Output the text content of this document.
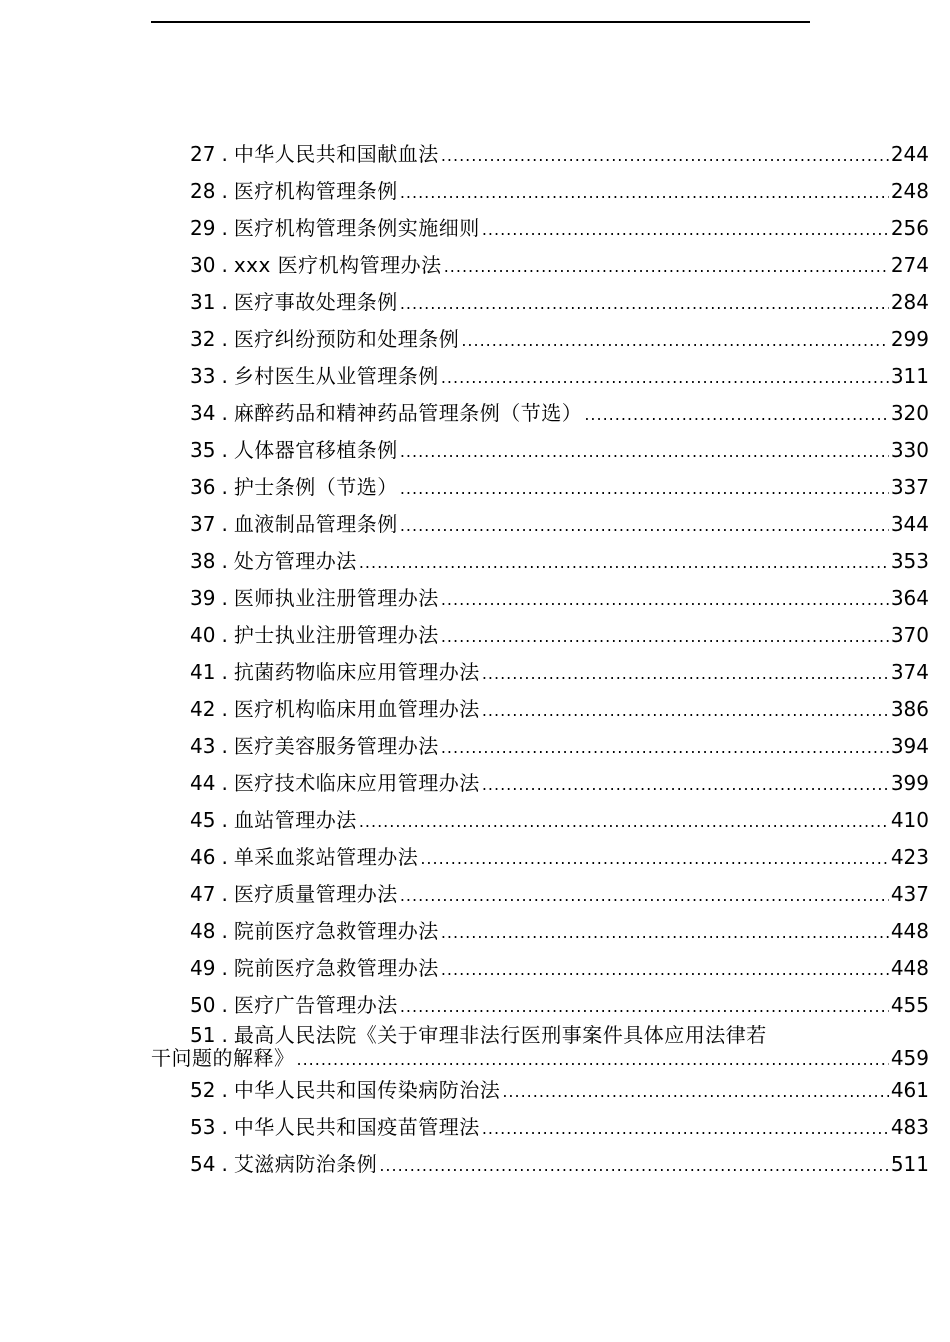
27 . 中华人民共和国献血法 .....	244
28 . 医疗机构管理条例 .....	248
29 . 医疗机构管理条例实施细则 .....	256
30 . xxx 医疗机构管理办法 .....	274
31 . 医疗事故处理条例 .....	284
32 . 医疗纠纷预防和处理条例 .....	299
33 . 乡村医生从业管理条例 .....	311
34 . 麻醉药品和精神药品管理条例（节选） .....	320
35 . 人体器官移植条例 .....	330
36 . 护士条例（节选） .....	337
37 . 血液制品管理条例 .....	344
38 . 处方管理办法 .....	353
39 . 医师执业注册管理办法 .....	364
40 . 护士执业注册管理办法 .....	370
41 . 抗菌药物临床应用管理办法 .....	374
42 . 医疗机构临床用血管理办法 .....	386
43 . 医疗美容服务管理办法 .....	394
44 . 医疗技术临床应用管理办法 .....	399
45 . 血站管理办法 .....	410
46 . 单采血浆站管理办法 .....	423
47 . 医疗质量管理办法 .....	437
48 . 院前医疗急救管理办法 .....	448
49 . 院前医疗急救管理办法 .....	448
50 . 医疗广告管理办法 .....	455
51 . 最高人民法院《关于审理非法行医刑事案件具体应用法律若
干问题的解释》 .....	459
52 . 中华人民共和国传染病防治法 .....	461
53 . 中华人民共和国疫苗管理法 .....	483
54 . 艾滋病防治条例 .....	511
